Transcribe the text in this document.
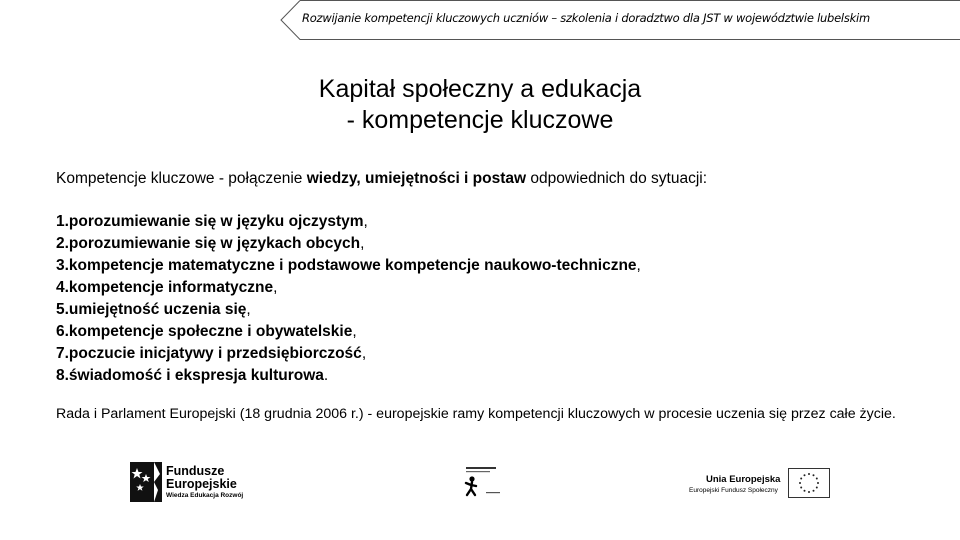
Rozwijanie kompetencji kluczowych uczniów – szkolenia i doradztwo dla JST w województwie lubelskim
Kapitał społeczny a edukacja
- kompetencje kluczowe
Kompetencje kluczowe - połączenie wiedzy, umiejętności i postaw odpowiednich do sytuacji:
1.porozumiewanie się w języku ojczystym,
2.porozumiewanie się w językach obcych,
3.kompetencje matematyczne i podstawowe kompetencje naukowo-techniczne,
4.kompetencje informatyczne,
5.umiejętność uczenia się,
6.kompetencje społeczne i obywatelskie,
7.poczucie inicjatywy i przedsiębiorczość,
8.świadomość i ekspresja kulturowa.
Rada i Parlament Europejski (18 grudnia 2006 r.) - europejskie ramy kompetencji kluczowych w procesie uczenia się przez całe życie.
Fundusze
Europejskie
Wiedza Edukacja Rozwój
Unia Europejska
Europejski Fundusz Społeczny
